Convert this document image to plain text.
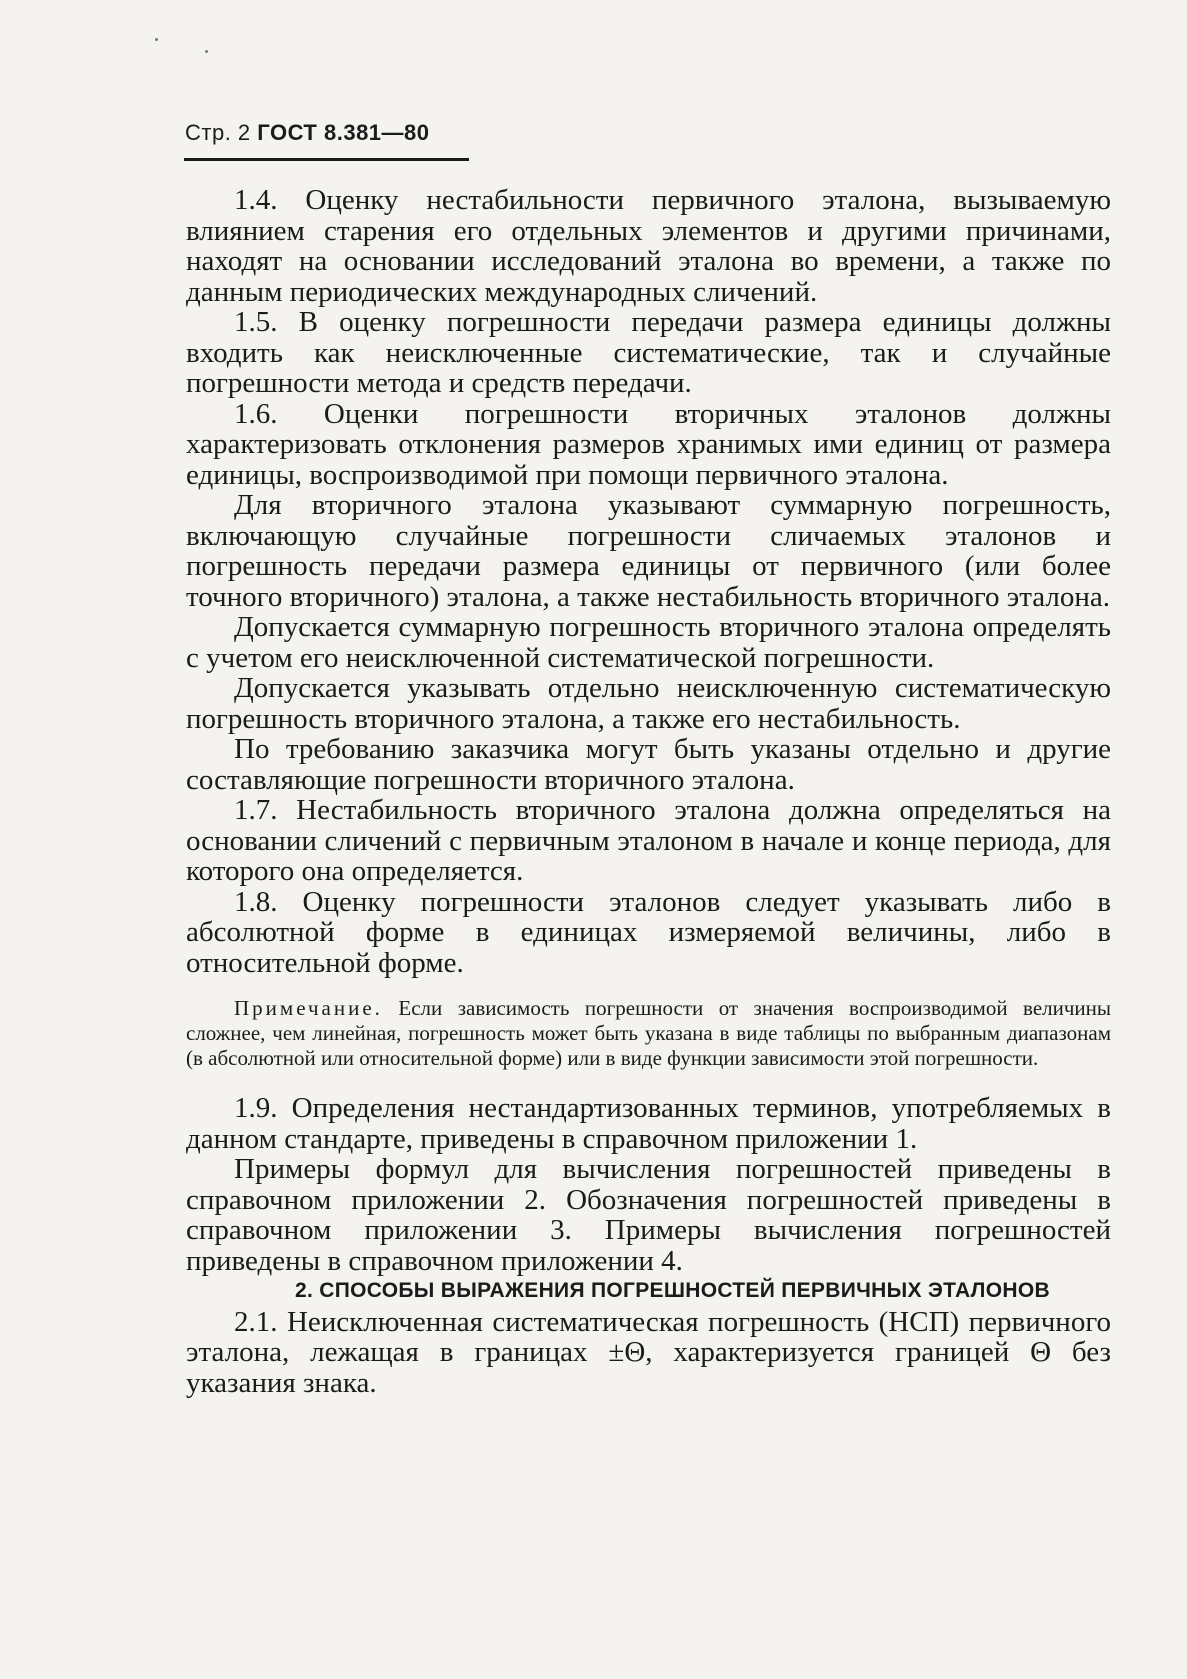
Стр. 2 ГОСТ 8.381—80

1.4. Оценку нестабильности первичного эталона, вызываемую влиянием старения его отдельных элементов и другими причинами, находят на основании исследований эталона во времени, а также по данным периодических международных сличений.

1.5. В оценку погрешности передачи размера единицы должны входить как неисключенные систематические, так и случайные погрешности метода и средств передачи.

1.6. Оценки погрешности вторичных эталонов должны характеризовать отклонения размеров хранимых ими единиц от размера единицы, воспроизводимой при помощи первичного эталона.

Для вторичного эталона указывают суммарную погрешность, включающую случайные погрешности сличаемых эталонов и погрешность передачи размера единицы от первичного (или более точного вторичного) эталона, а также нестабильность вторичного эталона.

Допускается суммарную погрешность вторичного эталона определять с учетом его неисключенной систематической погрешности.

Допускается указывать отдельно неисключенную систематическую погрешность вторичного эталона, а также его нестабильность.

По требованию заказчика могут быть указаны отдельно и другие составляющие погрешности вторичного эталона.

1.7. Нестабильность вторичного эталона должна определяться на основании сличений с первичным эталоном в начале и конце периода, для которого она определяется.

1.8. Оценку погрешности эталонов следует указывать либо в абсолютной форме в единицах измеряемой величины, либо в относительной форме.

Примечание. Если зависимость погрешности от значения воспроизводимой величины сложнее, чем линейная, погрешность может быть указана в виде таблицы по выбранным диапазонам (в абсолютной или относительной форме) или в виде функции зависимости этой погрешности.

1.9. Определения нестандартизованных терминов, употребляемых в данном стандарте, приведены в справочном приложении 1.

Примеры формул для вычисления погрешностей приведены в справочном приложении 2. Обозначения погрешностей приведены в справочном приложении 3. Примеры вычисления погрешностей приведены в справочном приложении 4.

2. СПОСОБЫ ВЫРАЖЕНИЯ ПОГРЕШНОСТЕЙ ПЕРВИЧНЫХ ЭТАЛОНОВ

2.1. Неисключенная систематическая погрешность (НСП) первичного эталона, лежащая в границах ±Θ, характеризуется границей Θ без указания знака.
